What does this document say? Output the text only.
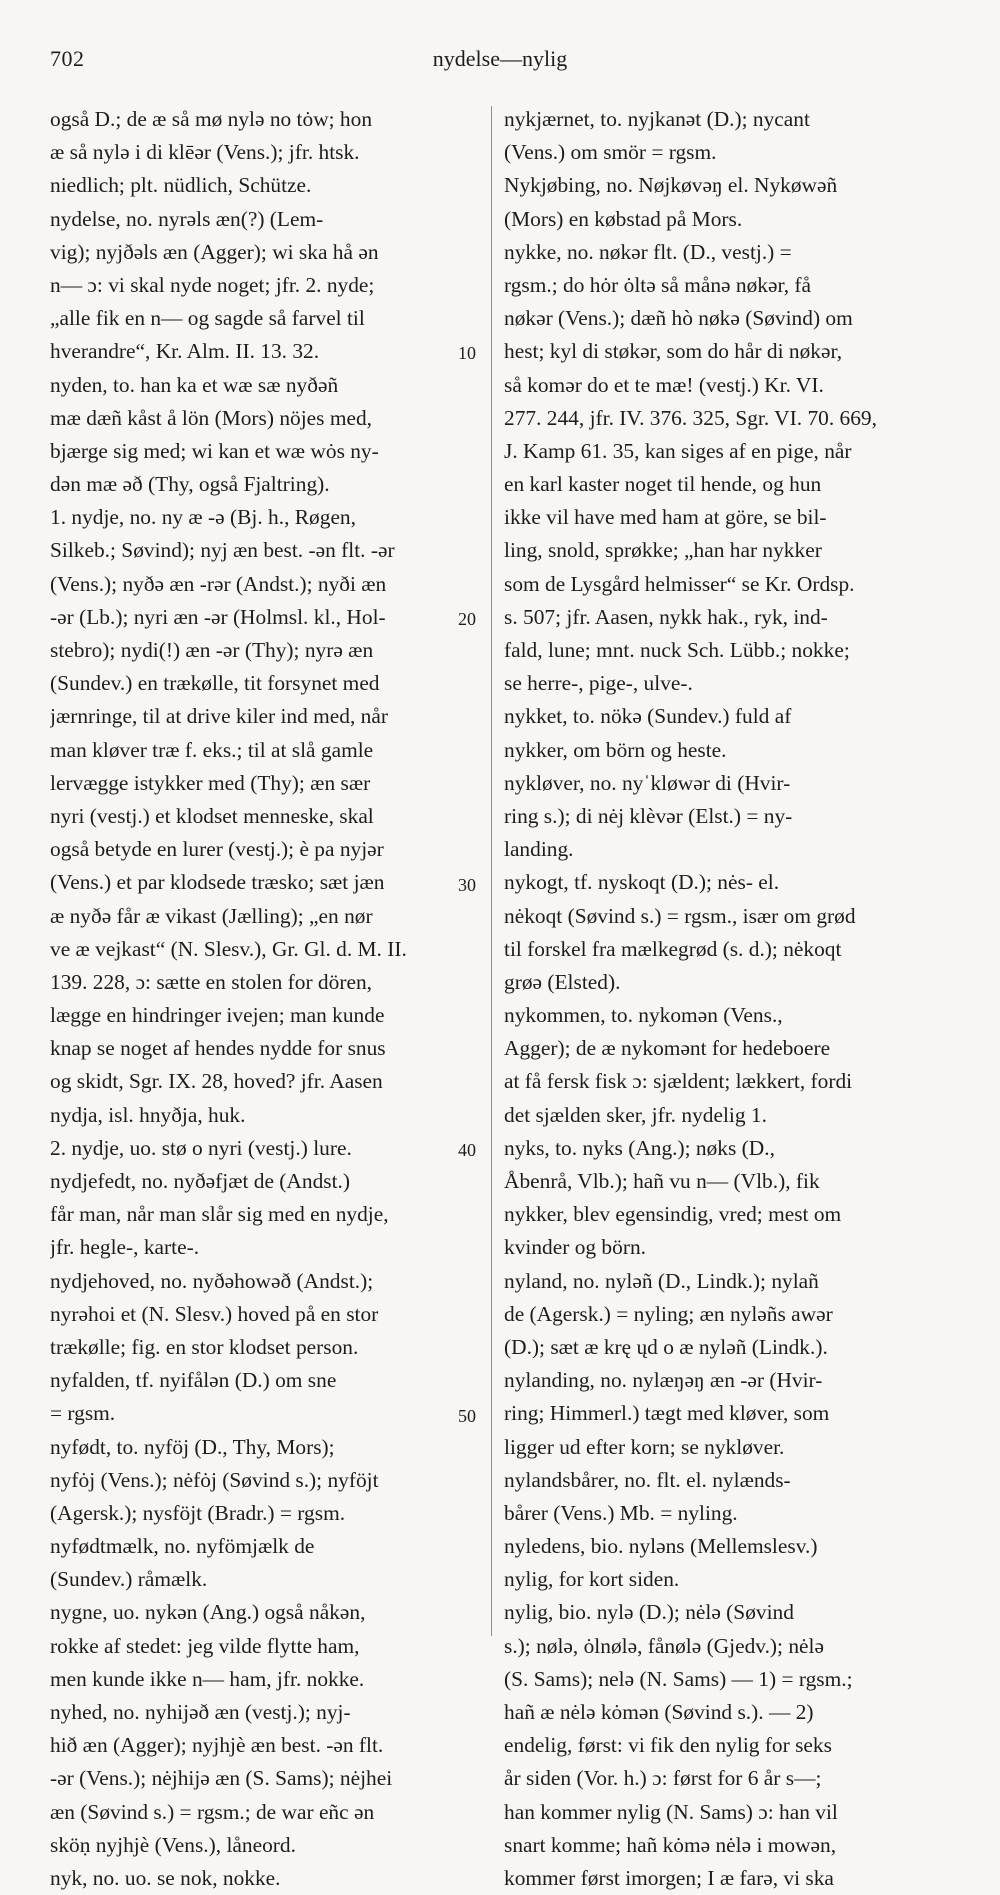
702	nydelse—nylig
også D.; de æ så mø nylə no tȯw; hon
æ så nylə i di klēər (Vens.); jfr. htsk.
niedlich; plt. nüdlich, Schütze.
nydelse, no. nyrəls æn(?) (Lem-
vig); nyjðəls æn (Agger); wi ska hå ən
n— ɔ: vi skal nyde noget; jfr. 2. nyde;
„alle fik en n— og sagde så farvel til
hverandre“, Kr. Alm. II. 13. 32.
nyden, to. han ka et wæ sæ nyðəñ
mæ dæñ kåst å lön (Mors) nöjes med,
bjærge sig med; wi kan et wæ wȯs ny-
dən mæ əð (Thy, også Fjaltring).
1. nydje, no. ny æ -ə (Bj. h., Røgen,
Silkeb.; Søvind); nyj æn best. -ən flt. -ər
(Vens.); nyðə æn -rər (Andst.); nyði æn
-ər (Lb.); nyri æn -ər (Holmsl. kl., Hol-
stebro); nydi(!) æn -ər (Thy); nyrə æn
(Sundev.) en trækølle, tit forsynet med
jærnringe, til at drive kiler ind med, når
man kløver træ f. eks.; til at slå gamle
lervægge istykker med (Thy); æn sær
nyri (vestj.) et klodset menneske, skal
også betyde en lurer (vestj.); è pa nyjər
(Vens.) et par klodsede træsko; sæt jæn
æ nyðə får æ vikast (Jælling); „en nør
ve æ vejkast“ (N. Slesv.), Gr. Gl. d. M. II.
139. 228, ɔ: sætte en stolen for dören,
lægge en hindringer ivejen; man kunde
knap se noget af hendes nydde for snus
og skidt, Sgr. IX. 28, hoved? jfr. Aasen
nydja, isl. hnyðja, huk.
2. nydje, uo. stø o nyri (vestj.) lure.
nydjefedt, no. nyðəfjæt de (Andst.)
får man, når man slår sig med en nydje,
jfr. hegle-, karte-.
nydjehoved, no. nyðəhowəð (Andst.);
nyrəhoi et (N. Slesv.) hoved på en stor
trækølle; fig. en stor klodset person.
nyfalden, tf. nyifålən (D.) om sne
= rgsm.
nyfødt, to. nyföj (D., Thy, Mors);
nyfȯj (Vens.); nėfȯj (Søvind s.); nyföjt
(Agersk.); nysföjt (Bradr.) = rgsm.
nyfødtmælk, no. nyfömjælk de
(Sundev.) råmælk.
nygne, uo. nykən (Ang.) også nåkən,
rokke af stedet: jeg vilde flytte ham,
men kunde ikke n— ham, jfr. nokke.
nyhed, no. nyhijəð æn (vestj.); nyj-
hið æn (Agger); nyjhjè æn best. -ən flt.
-ər (Vens.); nėjhijə æn (S. Sams); nėjhei
æn (Søvind s.) = rgsm.; de war eñc ən
sköṇ nyjhjè (Vens.), låneord.
nyk, no. uo. se nok, nokke.
nykjærnet, to. nyjkanət (D.); nycant
(Vens.) om smör = rgsm.
Nykjøbing, no. Nøjkøvəŋ el. Nykøwəñ
(Mors) en købstad på Mors.
nykke, no. nøkər flt. (D., vestj.) =
rgsm.; do hȯr ȯltə så månə nøkər, få
nøkər (Vens.); dæñ hò nøkə (Søvind) om
hest; kyl di støkər, som do hår di nøkər,
så komər do et te mæ! (vestj.) Kr. VI.
277. 244, jfr. IV. 376. 325, Sgr. VI. 70. 669,
J. Kamp 61. 35, kan siges af en pige, når
en karl kaster noget til hende, og hun
ikke vil have med ham at göre, se bil-
ling, snold, sprøkke; „han har nykker
som de Lysgård helmisser“ se Kr. Ordsp.
s. 507; jfr. Aasen, nykk hak., ryk, ind-
fald, lune; mnt. nuck Sch. Lübb.; nokke;
se herre-, pige-, ulve-.
nykket, to. nökə (Sundev.) fuld af
nykker, om börn og heste.
nykløver, no. nyˈkløwər di (Hvir-
ring s.); di nėj klèvər (Elst.) = ny-
landing.
nykogt, tf. nyskoqt (D.); nės- el.
nėkoqt (Søvind s.) = rgsm., især om grød
til forskel fra mælkegrød (s. d.); nėkoqt
grøə (Elsted).
nykommen, to. nykomən (Vens.,
Agger); de æ nykomənt for hedeboere
at få fersk fisk ɔ: sjældent; lækkert, fordi
det sjælden sker, jfr. nydelig 1.
nyks, to. nyks (Ang.); nøks (D.,
Åbenrå, Vlb.); hañ vu n— (Vlb.), fik
nykker, blev egensindig, vred; mest om
kvinder og börn.
nyland, no. nyləñ (D., Lindk.); nylañ
de (Agersk.) = nyling; æn nyləñs awər
(D.); sæt æ krę ųd o æ nyləñ (Lindk.).
nylanding, no. nylæŋəŋ æn -ər (Hvir-
ring; Himmerl.) tægt med kløver, som
ligger ud efter korn; se nykløver.
nylandsbårer, no. flt. el. nylænds-
bårer (Vens.) Mb. = nyling.
nyledens, bio. nyləns (Mellemslesv.)
nylig, for kort siden.
nylig, bio. nylə (D.); nėlə (Søvind
s.); nølə, ȯlnølə, fånølə (Gjedv.); nėlə
(S. Sams); nelə (N. Sams) — 1) = rgsm.;
hañ æ nėlə kȯmən (Søvind s.). — 2)
endelig, først: vi fik den nylig for seks
år siden (Vor. h.) ɔ: først for 6 år s—;
han kommer nylig (N. Sams) ɔ: han vil
snart komme; hañ kȯmə nėlə i mowən,
kommer først imorgen; I æ farə, vi ska
10
20
30
40
50
